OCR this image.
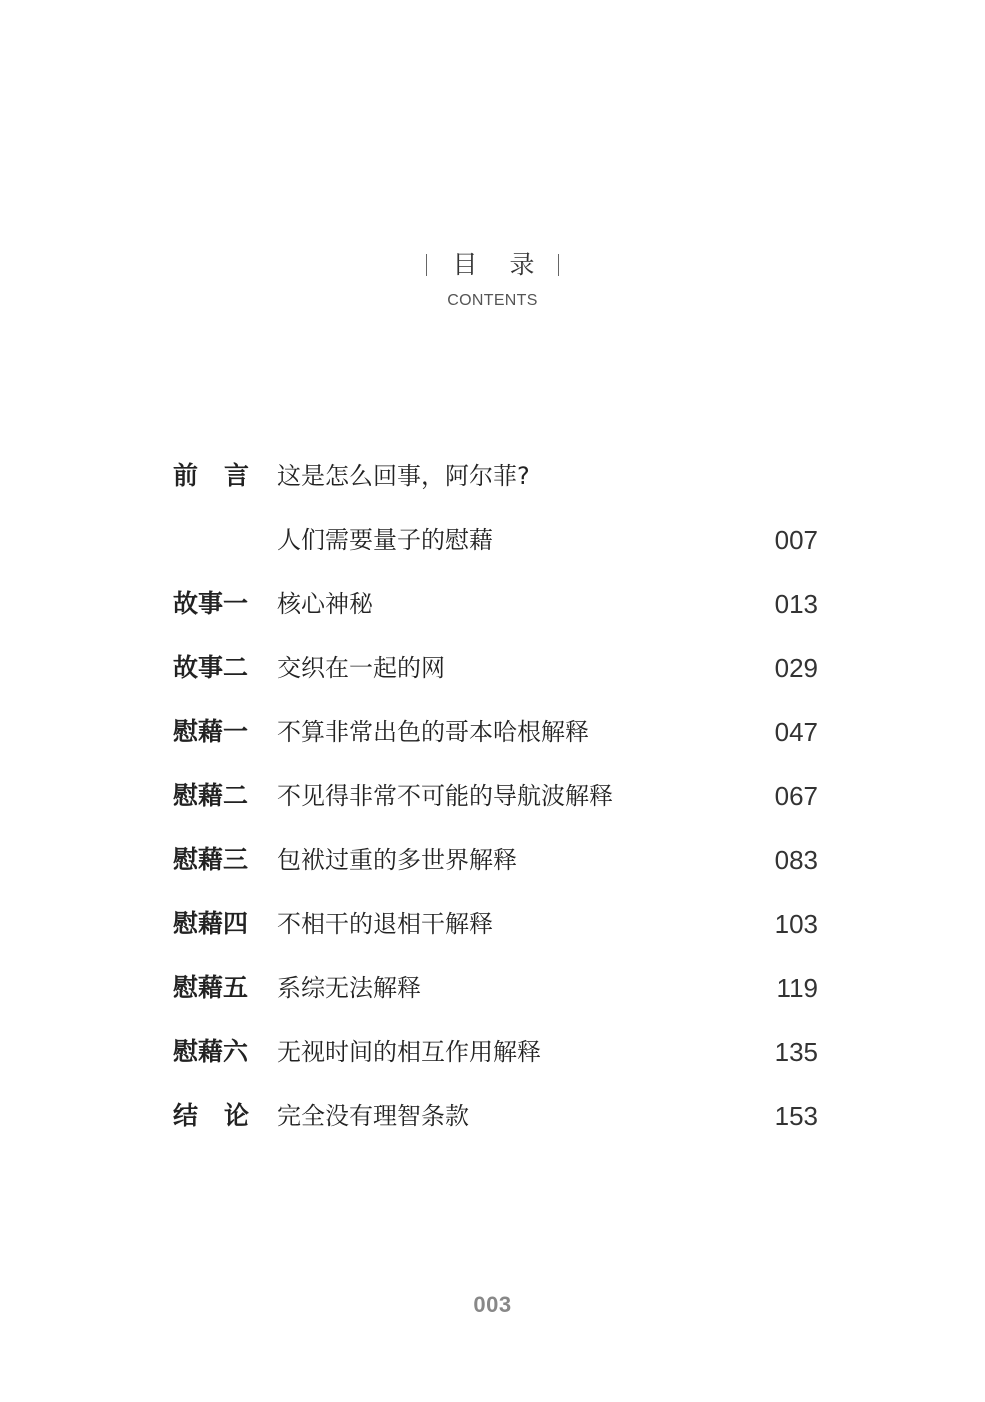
目 录
CONTENTS
前言 这是怎么回事，阿尔菲?
人们需要量子的慰藉	007
故事一 核心神秘	013
故事二 交织在一起的网	029
慰藉一 不算非常出色的哥本哈根解释	047
慰藉二 不见得非常不可能的导航波解释	067
慰藉三 包袱过重的多世界解释	083
慰藉四 不相干的退相干解释	103
慰藉五 系综无法解释	119
慰藉六 无视时间的相互作用解释	135
结论 完全没有理智条款	153
003
